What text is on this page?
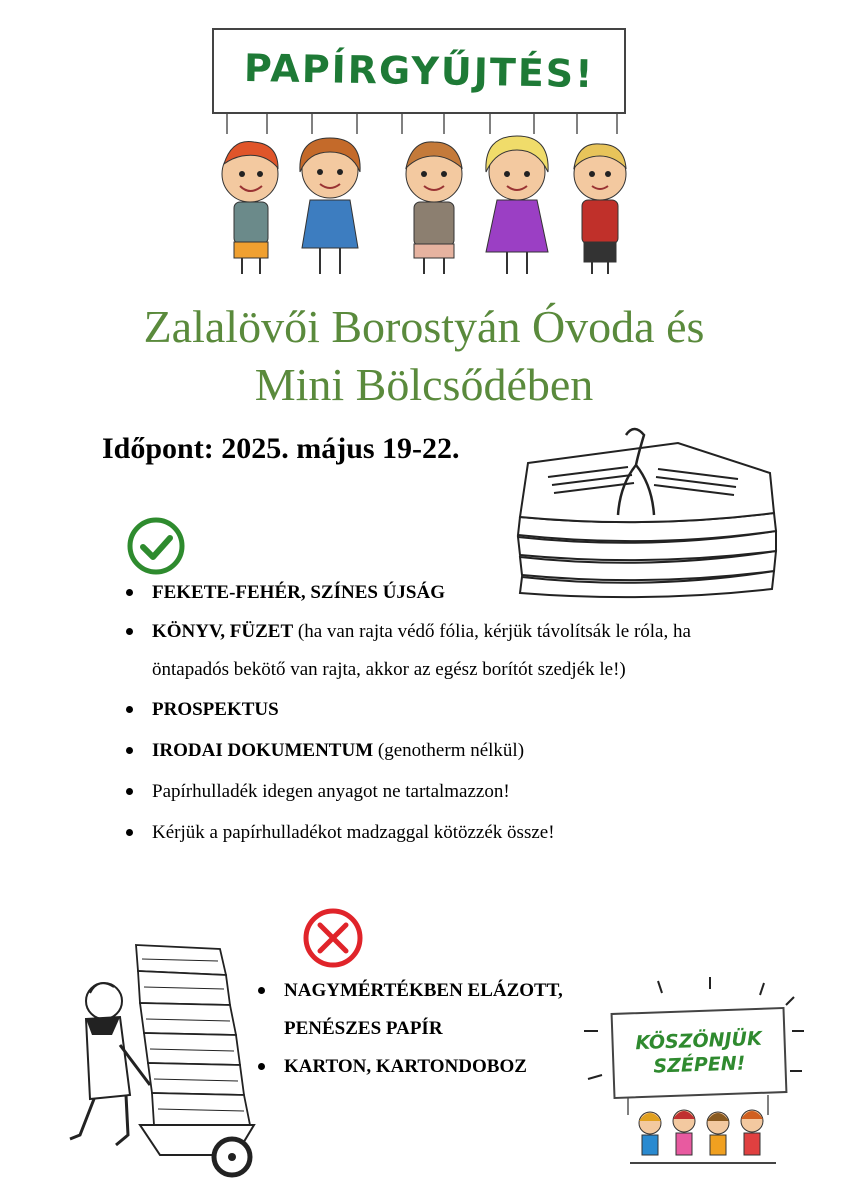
PAPÍRGYŰJTÉS!
Zalalövői Borostyán Óvoda és
Mini Bölcsődében
Időpont: 2025. május 19-22.
FEKETE-FEHÉR, SZÍNES ÚJSÁG
KÖNYV, FÜZET (ha van rajta védő fólia, kérjük távolítsák le róla, ha öntapadós bekötő van rajta, akkor az egész borítót szedjék le!)
PROSPEKTUS
IRODAI DOKUMENTUM (genotherm nélkül)
Papírhulladék idegen anyagot ne tartalmazzon!
Kérjük a papírhulladékot madzaggal kötözzék össze!
NAGYMÉRTÉKBEN ELÁZOTT, PENÉSZES PAPÍR
KARTON, KARTONDOBOZ
KÖSZÖNJÜK
SZÉPEN!
